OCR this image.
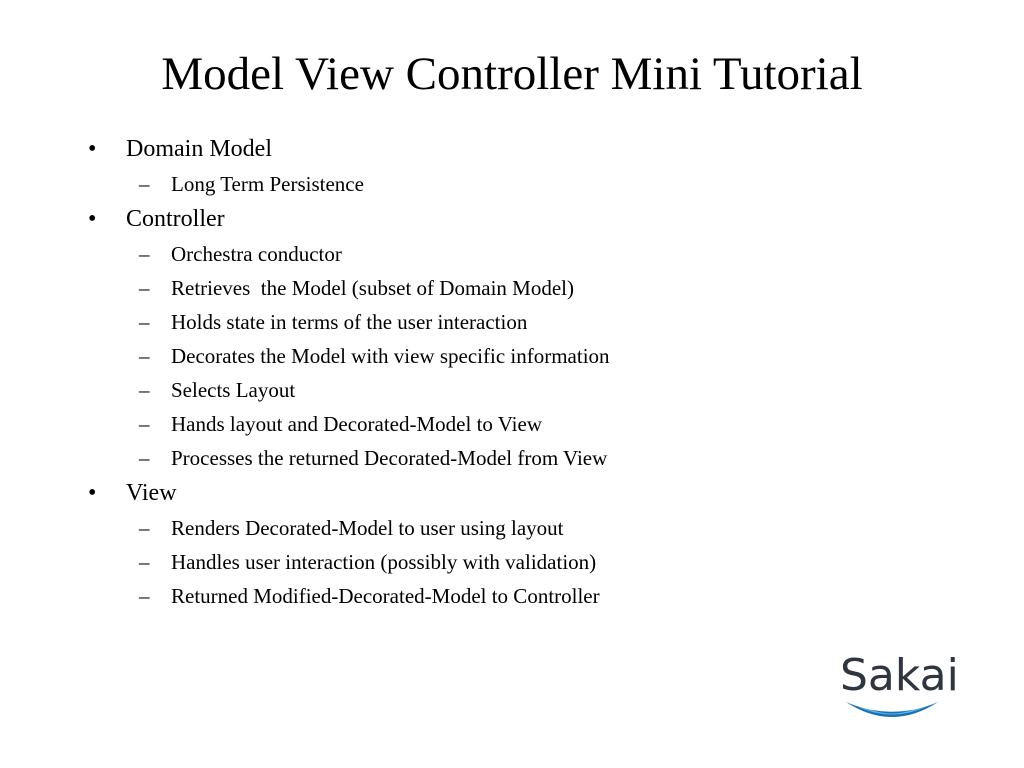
Model View Controller Mini Tutorial
• Domain Model
– Long Term Persistence
• Controller
– Orchestra conductor
– Retrieves  the Model (subset of Domain Model)
– Holds state in terms of the user interaction
– Decorates the Model with view specific information
– Selects Layout
– Hands layout and Decorated-Model to View
– Processes the returned Decorated-Model from View
• View
– Renders Decorated-Model to user using layout
– Handles user interaction (possibly with validation)
– Returned Modified-Decorated-Model to Controller
Sakai
